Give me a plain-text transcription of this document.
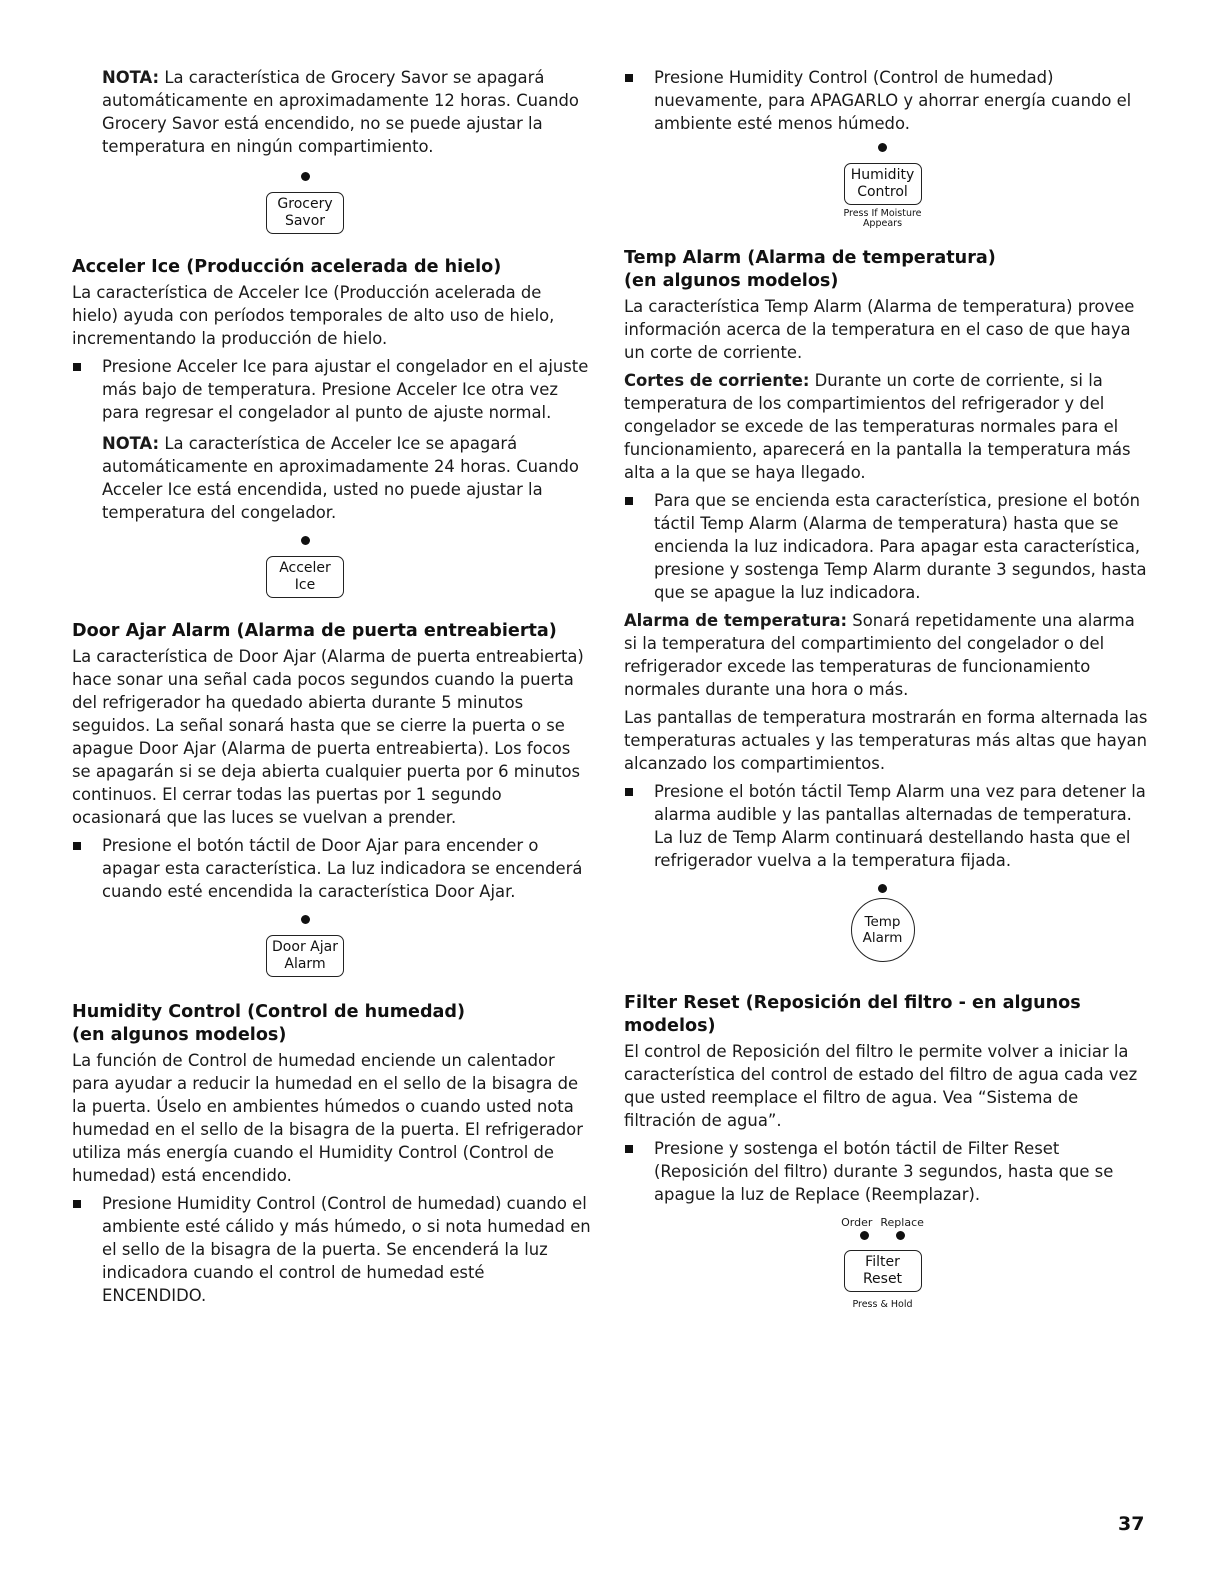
NOTA: La característica de Grocery Savor se apagará automáticamente en aproximadamente 12 horas. Cuando Grocery Savor está encendido, no se puede ajustar la temperatura en ningún compartimiento.

Grocery
Savor
Acceler Ice (Producción acelerada de hielo)

La característica de Acceler Ice (Producción acelerada de hielo) ayuda con períodos temporales de alto uso de hielo, incrementando la producción de hielo.

Presione Acceler Ice para ajustar el congelador en el ajuste más bajo de temperatura. Presione Acceler Ice otra vez para regresar el congelador al punto de ajuste normal.

NOTA: La característica de Acceler Ice se apagará automáticamente en aproximadamente 24 horas. Cuando Acceler Ice está encendida, usted no puede ajustar la temperatura del congelador.

Acceler
Ice
Door Ajar Alarm (Alarma de puerta entreabierta)

La característica de Door Ajar (Alarma de puerta entreabierta) hace sonar una señal cada pocos segundos cuando la puerta del refrigerador ha quedado abierta durante 5 minutos seguidos. La señal sonará hasta que se cierre la puerta o se apague Door Ajar (Alarma de puerta entreabierta). Los focos se apagarán si se deja abierta cualquier puerta por 6 minutos continuos. El cerrar todas las puertas por 1 segundo ocasionará que las luces se vuelvan a prender.

Presione el botón táctil de Door Ajar para encender o apagar esta característica. La luz indicadora se encenderá cuando esté encendida la característica Door Ajar.
Door Ajar
Alarm
Humidity Control (Control de humedad)
(en algunos modelos)

La función de Control de humedad enciende un calentador para ayudar a reducir la humedad en el sello de la bisagra de la puerta. Úselo en ambientes húmedos o cuando usted nota humedad en el sello de la bisagra de la puerta. El refrigerador utiliza más energía cuando el Humidity Control (Control de humedad) está encendido.

Presione Humidity Control (Control de humedad) cuando el ambiente esté cálido y más húmedo, o si nota humedad en el sello de la bisagra de la puerta. Se encenderá la luz indicadora cuando el control de humedad esté ENCENDIDO.
Presione Humidity Control (Control de humedad) nuevamente, para APAGARLO y ahorrar energía cuando el ambiente esté menos húmedo.
Humidity
Control
Press If Moisture
Appears
Temp Alarm (Alarma de temperatura)
(en algunos modelos)

La característica Temp Alarm (Alarma de temperatura) provee información acerca de la temperatura en el caso de que haya un corte de corriente.

Cortes de corriente: Durante un corte de corriente, si la temperatura de los compartimientos del refrigerador y del congelador se excede de las temperaturas normales para el funcionamiento, aparecerá en la pantalla la temperatura más alta a la que se haya llegado.

Para que se encienda esta característica, presione el botón táctil Temp Alarm (Alarma de temperatura) hasta que se encienda la luz indicadora. Para apagar esta característica, presione y sostenga Temp Alarm durante 3 segundos, hasta que se apague la luz indicadora.

Alarma de temperatura: Sonará repetidamente una alarma si la temperatura del compartimiento del congelador o del refrigerador excede las temperaturas de funcionamiento normales durante una hora o más.

Las pantallas de temperatura mostrarán en forma alternada las temperaturas actuales y las temperaturas más altas que hayan alcanzado los compartimientos.

Presione el botón táctil Temp Alarm una vez para detener la alarma audible y las pantallas alternadas de temperatura. La luz de Temp Alarm continuará destellando hasta que el refrigerador vuelva a la temperatura fijada.
Temp
Alarm
Filter Reset (Reposición del filtro - en algunos modelos)

El control de Reposición del filtro le permite volver a iniciar la característica del control de estado del filtro de agua cada vez que usted reemplace el filtro de agua. Vea “Sistema de filtración de agua”.

Presione y sostenga el botón táctil de Filter Reset (Reposición del filtro) durante 3 segundos, hasta que se apague la luz de Replace (Reemplazar).
Order Replace
Filter
Reset
Press & Hold
37
